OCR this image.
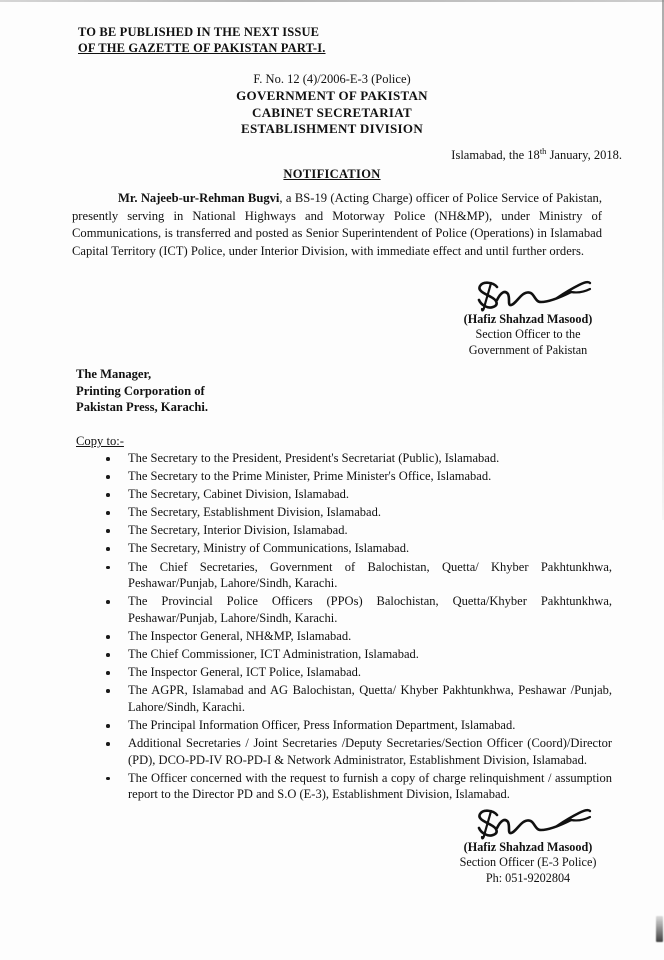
TO BE PUBLISHED IN THE NEXT ISSUE
OF THE GAZETTE OF PAKISTAN PART-I.
F. No. 12 (4)/2006-E-3 (Police)
GOVERNMENT OF PAKISTAN
CABINET SECRETARIAT
ESTABLISHMENT DIVISION
Islamabad, the 18th January, 2018.
NOTIFICATION
Mr. Najeeb-ur-Rehman Bugvi, a BS-19 (Acting Charge) officer of Police Service of Pakistan, presently serving in National Highways and Motorway Police (NH&MP), under Ministry of Communications, is transferred and posted as Senior Superintendent of Police (Operations) in Islamabad Capital Territory (ICT) Police, under Interior Division, with immediate effect and until further orders.
(Hafiz Shahzad Masood)
Section Officer to the
Government of Pakistan
The Manager,
Printing Corporation of
Pakistan Press, Karachi.
Copy to:-
The Secretary to the President, President's Secretariat (Public), Islamabad.
The Secretary to the Prime Minister, Prime Minister's Office, Islamabad.
The Secretary, Cabinet Division, Islamabad.
The Secretary, Establishment Division, Islamabad.
The Secretary, Interior Division, Islamabad.
The Secretary, Ministry of Communications, Islamabad.
The Chief Secretaries, Government of Balochistan, Quetta/ Khyber Pakhtunkhwa, Peshawar/Punjab, Lahore/Sindh, Karachi.
The Provincial Police Officers (PPOs) Balochistan, Quetta/Khyber Pakhtunkhwa, Peshawar/Punjab, Lahore/Sindh, Karachi.
The Inspector General, NH&MP, Islamabad.
The Chief Commissioner, ICT Administration, Islamabad.
The Inspector General, ICT Police, Islamabad.
The AGPR, Islamabad and AG Balochistan, Quetta/ Khyber Pakhtunkhwa, Peshawar /Punjab, Lahore/Sindh, Karachi.
The Principal Information Officer, Press Information Department, Islamabad.
Additional Secretaries / Joint Secretaries /Deputy Secretaries/Section Officer (Coord)/Director (PD), DCO-PD-IV RO-PD-I & Network Administrator, Establishment Division, Islamabad.
The Officer concerned with the request to furnish a copy of charge relinquishment / assumption report to the Director PD and S.O (E-3), Establishment Division, Islamabad.
(Hafiz Shahzad Masood)
Section Officer (E-3 Police)
Ph: 051-9202804
